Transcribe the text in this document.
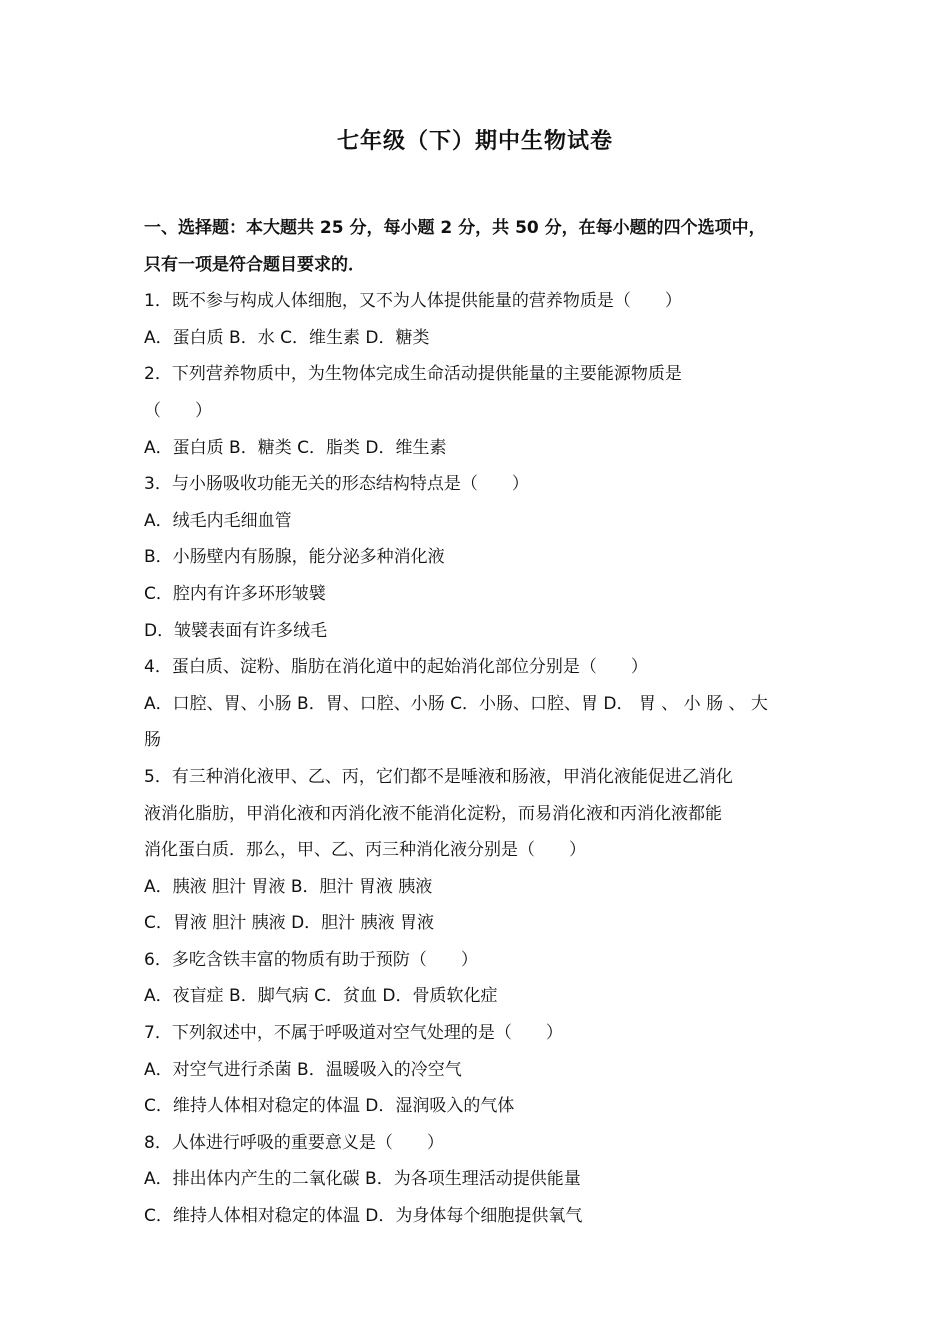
七年级（下）期中生物试卷
一、选择题：本大题共 25 分，每小题 2 分，共 50 分，在每小题的四个选项中，
只有一项是符合题目要求的．
1．既不参与构成人体细胞，又不为人体提供能量的营养物质是（　　）
A．蛋白质 B．水 C．维生素 D．糖类
2．下列营养物质中，为生物体完成生命活动提供能量的主要能源物质是
（　　）
A．蛋白质 B．糖类 C．脂类 D．维生素
3．与小肠吸收功能无关的形态结构特点是（　　）
A．绒毛内毛细血管
B．小肠壁内有肠腺，能分泌多种消化液
C．腔内有许多环形皱襞
D．皱襞表面有许多绒毛
4．蛋白质、淀粉、脂肪在消化道中的起始消化部位分别是（　　）
A．口腔、胃、小肠 B．胃、口腔、小肠 C．小肠、口腔、胃 D． 胃 、 小 肠 、 大
肠
5．有三种消化液甲、乙、丙，它们都不是唾液和肠液，甲消化液能促进乙消化
液消化脂肪，甲消化液和丙消化液不能消化淀粉，而易消化液和丙消化液都能
消化蛋白质．那么，甲、乙、丙三种消化液分别是（　　）
A．胰液 胆汁 胃液 B．胆汁 胃液 胰液
C．胃液 胆汁 胰液 D．胆汁 胰液 胃液
6．多吃含铁丰富的物质有助于预防（　　）
A．夜盲症 B．脚气病 C．贫血 D．骨质软化症
7．下列叙述中，不属于呼吸道对空气处理的是（　　）
A．对空气进行杀菌 B．温暖吸入的冷空气
C．维持人体相对稳定的体温 D．湿润吸入的气体
8．人体进行呼吸的重要意义是（　　）
A．排出体内产生的二氧化碳 B．为各项生理活动提供能量
C．维持人体相对稳定的体温 D．为身体每个细胞提供氧气
